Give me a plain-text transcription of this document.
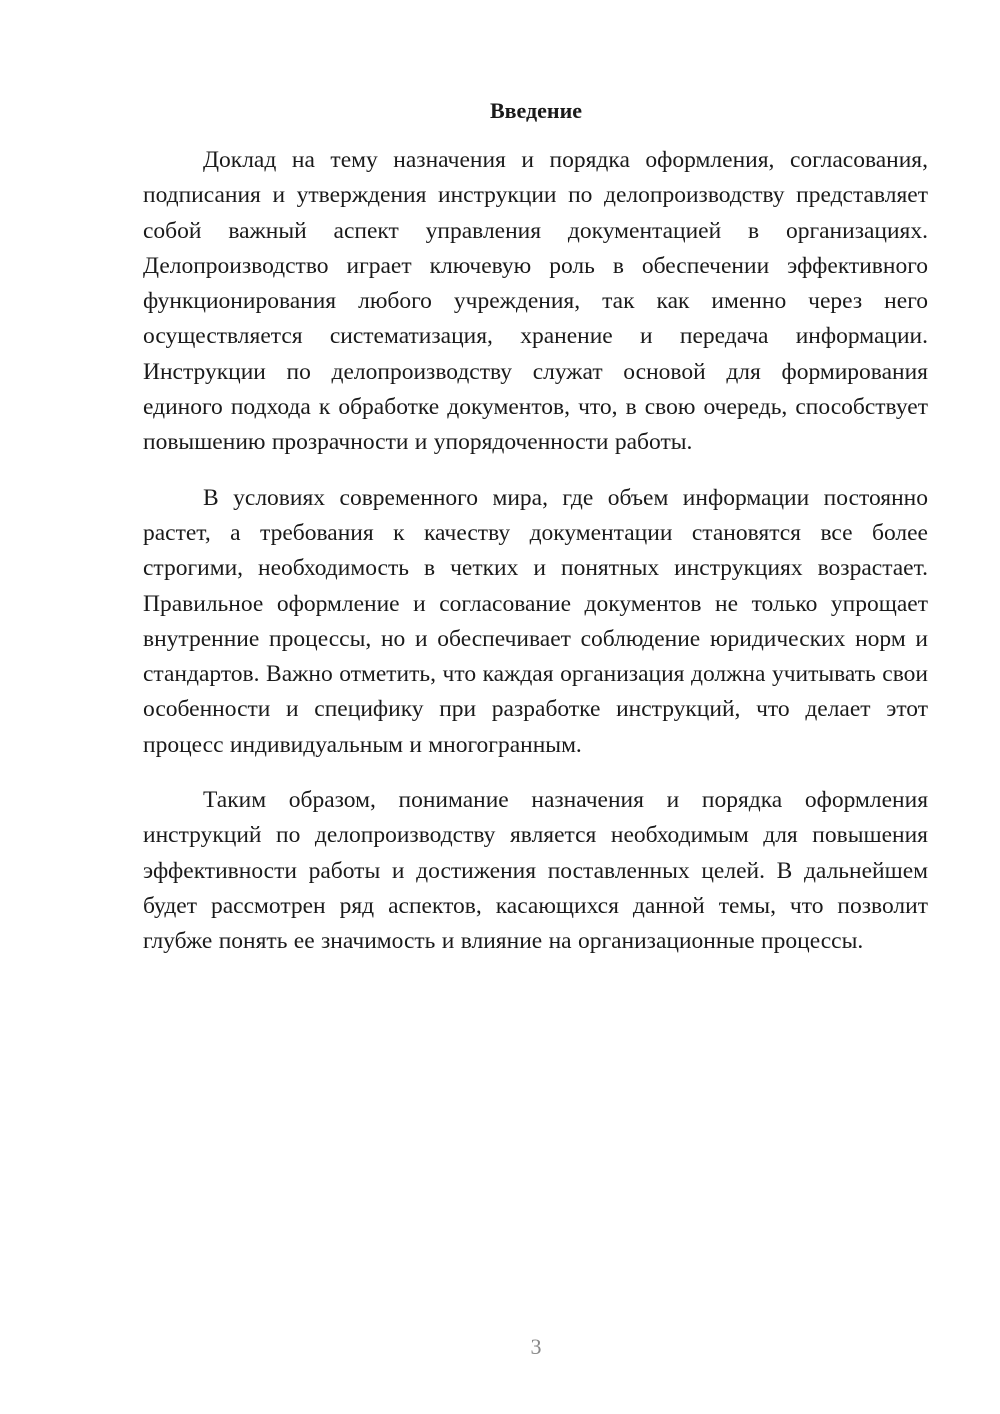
Введение

Доклад на тему назначения и порядка оформления, согласования, подписания и утверждения инструкции по делопроизводству представляет собой важный аспект управления документацией в организациях. Делопроизводство играет ключевую роль в обеспечении эффективного функционирования любого учреждения, так как именно через него осуществляется систематизация, хранение и передача информации. Инструкции по делопроизводству служат основой для формирования единого подхода к обработке документов, что, в свою очередь, способствует повышению прозрачности и упорядоченности работы.

В условиях современного мира, где объем информации постоянно растет, а требования к качеству документации становятся все более строгими, необходимость в четких и понятных инструкциях возрастает. Правильное оформление и согласование документов не только упрощает внутренние процессы, но и обеспечивает соблюдение юридических норм и стандартов. Важно отметить, что каждая организация должна учитывать свои особенности и специфику при разработке инструкций, что делает этот процесс индивидуальным и многогранным.

Таким образом, понимание назначения и порядка оформления инструкций по делопроизводству является необходимым для повышения эффективности работы и достижения поставленных целей. В дальнейшем будет рассмотрен ряд аспектов, касающихся данной темы, что позволит глубже понять ее значимость и влияние на организационные процессы.

3
